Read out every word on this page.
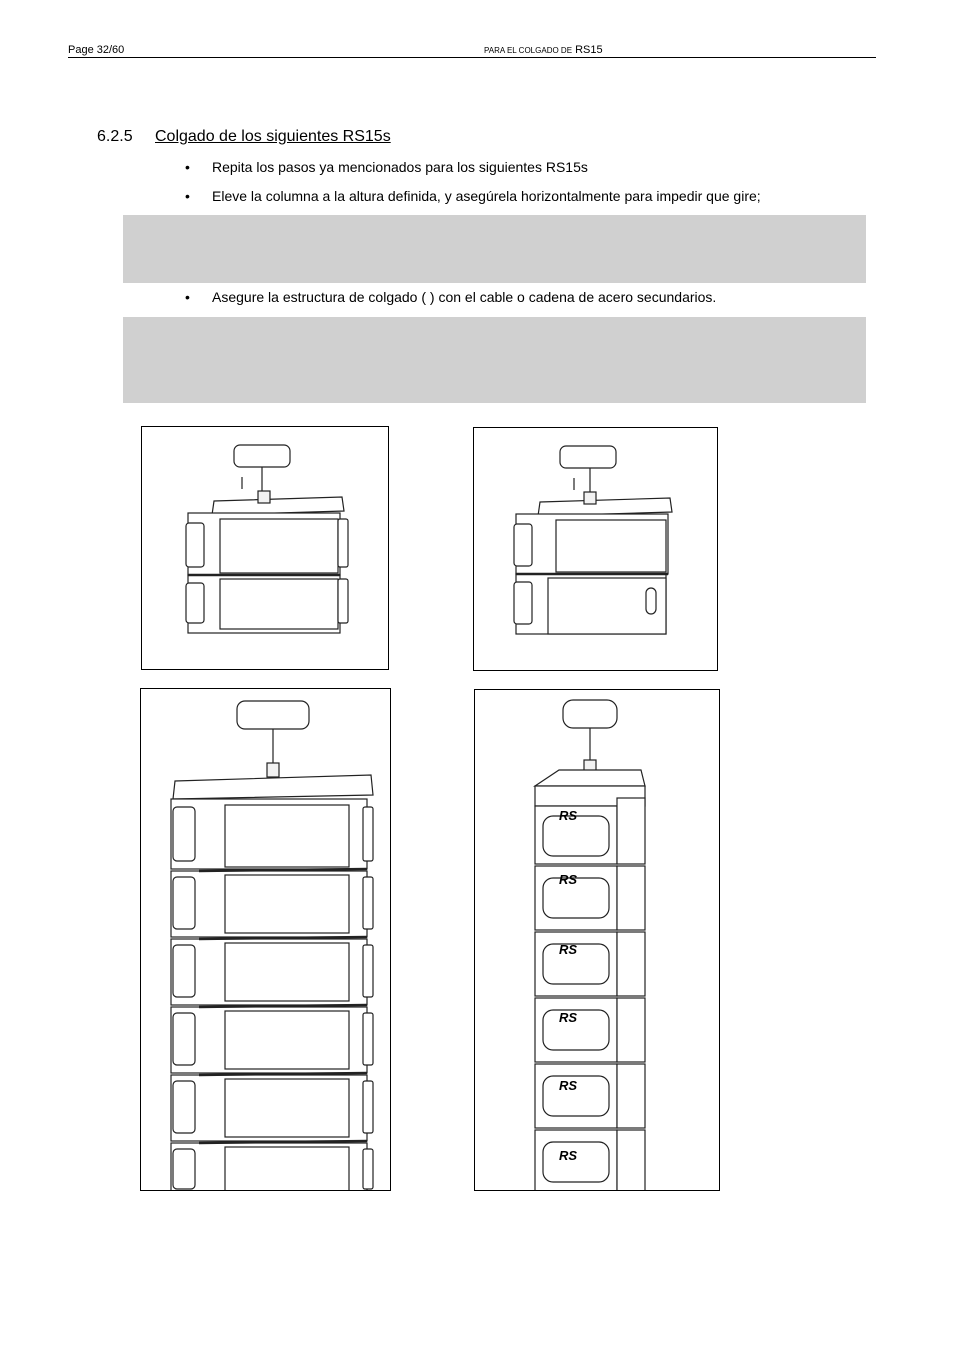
Page 32/60	PARA EL COLGADO DE RS15
6.2.5 Colgado de los siguientes RS15s
• Repita los pasos ya mencionados para los siguientes RS15s
• Eleve la columna a la altura definida, y asegúrela horizontalmente para impedir que gire;
• Asegure la estructura de colgado ( ) con el cable o cadena de acero secundarios.
RS
RS
RS
RS
RS
RS
